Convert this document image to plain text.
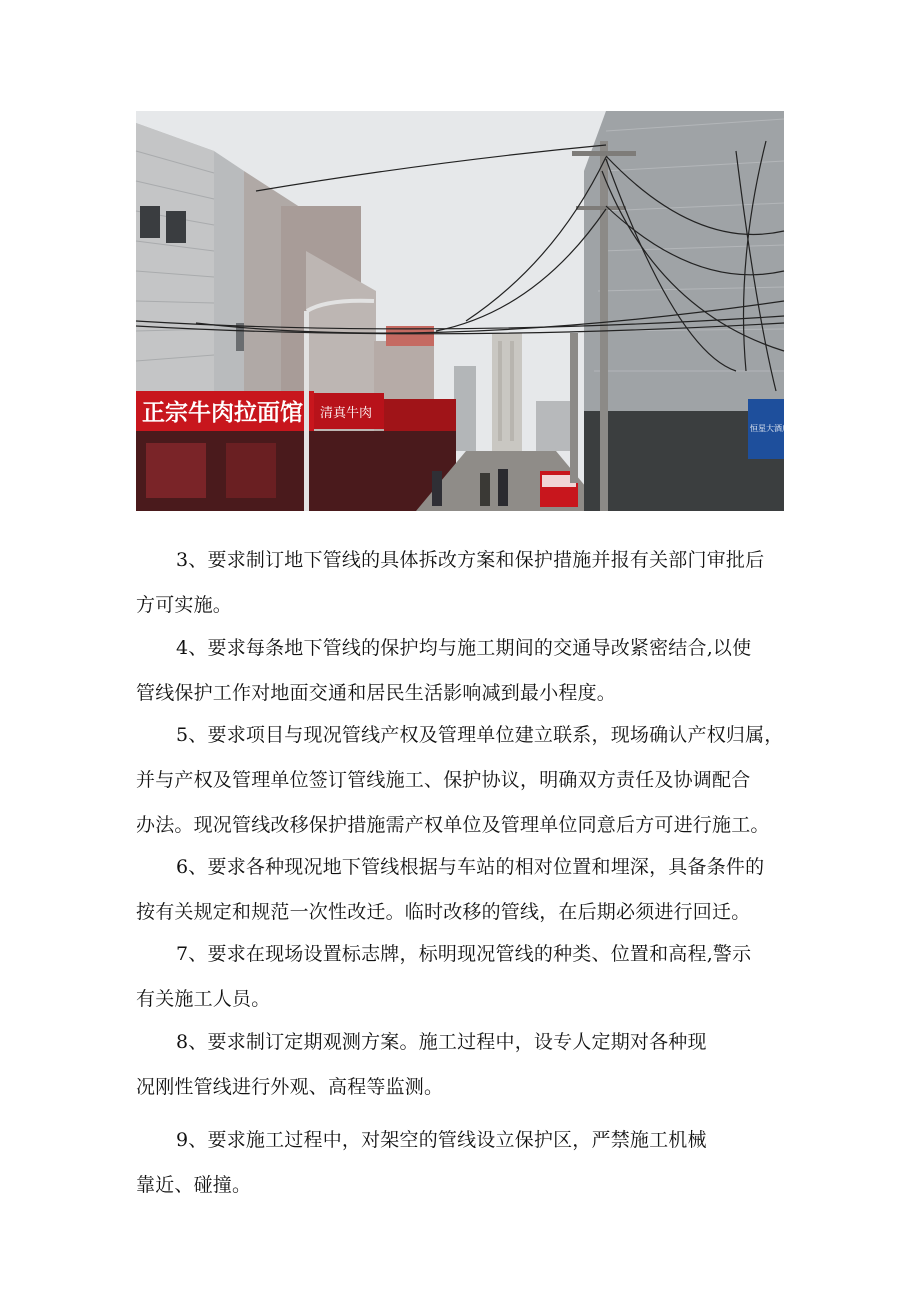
正宗牛肉拉面馆 清真牛肉
恒星大酒店
3、要求制订地下管线的具体拆改方案和保护措施并报有关部门审批后
方可实施。
4、要求每条地下管线的保护均与施工期间的交通导改紧密结合,以使
管线保护工作对地面交通和居民生活影响减到最小程度。
5、要求项目与现况管线产权及管理单位建立联系，现场确认产权归属，
并与产权及管理单位签订管线施工、保护协议，明确双方责任及协调配合
办法。现况管线改移保护措施需产权单位及管理单位同意后方可进行施工。
6、要求各种现况地下管线根据与车站的相对位置和埋深，具备条件的
按有关规定和规范一次性改迁。临时改移的管线，在后期必须进行回迁。
7、要求在现场设置标志牌，标明现况管线的种类、位置和高程,警示
有关施工人员。
8、要求制订定期观测方案。施工过程中，设专人定期对各种现
况刚性管线进行外观、高程等监测。
9、要求施工过程中，对架空的管线设立保护区，严禁施工机械
靠近、碰撞。
